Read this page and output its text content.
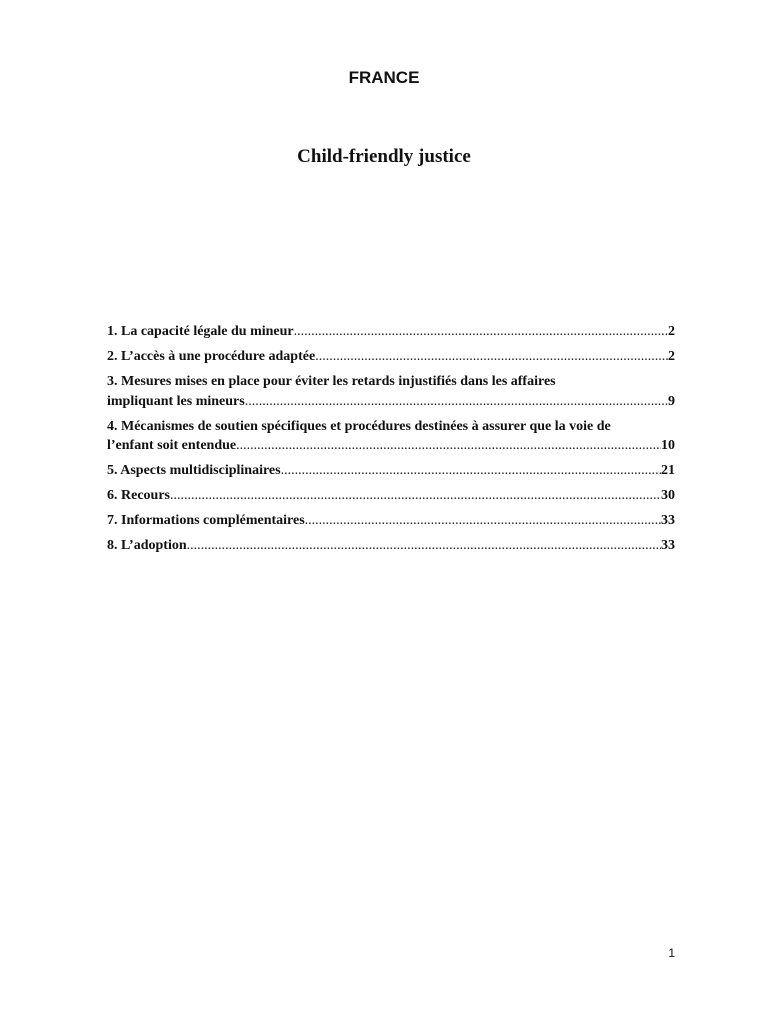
FRANCE
Child-friendly justice
1. La capacité légale du mineur .....	2
2. L’accès à une procédure adaptée .....	2
3. Mesures mises en place pour éviter les retards injustifiés dans les affaires
impliquant les mineurs .....	9
4. Mécanismes de soutien spécifiques et procédures destinées à assurer que la voie de
l’enfant soit entendue .....	10
5. Aspects multidisciplinaires .....	21
6. Recours .....	30
7. Informations complémentaires .....	33
8. L’adoption .....	33
1
